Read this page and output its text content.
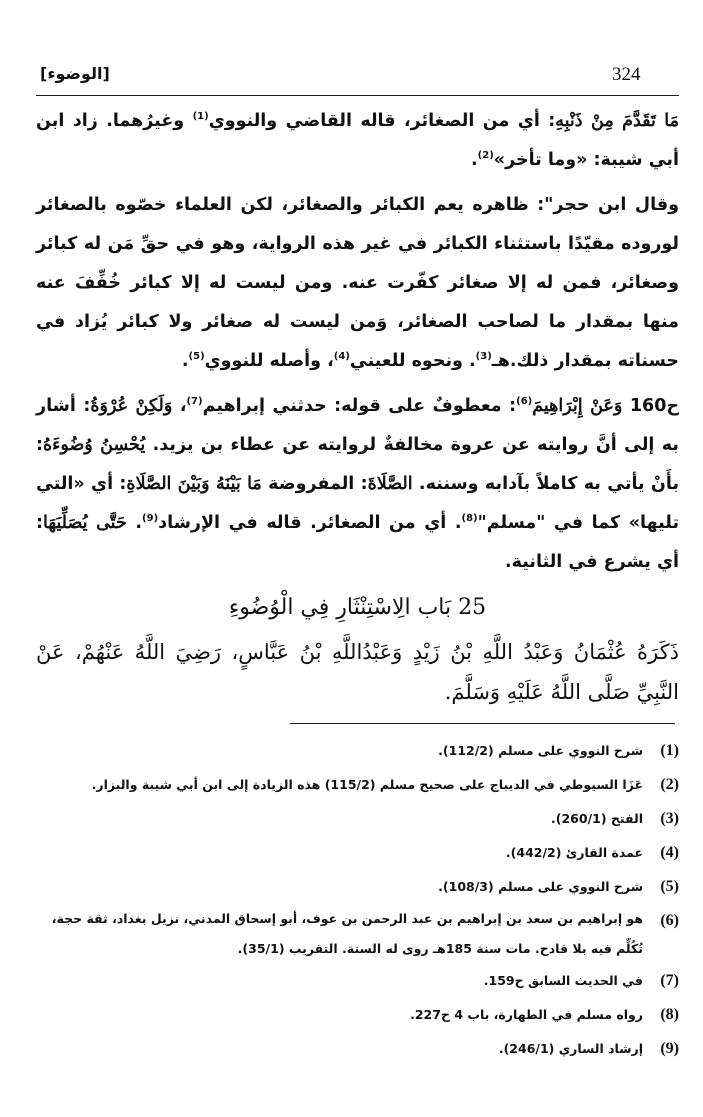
324
[الوضوء]

مَا تَقَدَّمَ مِنْ ذَنْبِهِ: أي من الصغائر، قاله القاضي والنووي$^{(1)}$ وغيرُهما. زاد ابن أبي شيبة: «وما تأخر»$^{(2)}$.

وقال ابن حجر": ظاهره يعم الكبائر والصغائر، لكن العلماء خصّوه بالصغائر لوروده مقيّدًا باستثناء الكبائر في غير هذه الرواية، وهو في حقِّ مَن له كبائر وصغائر، فمن له إلا صغائر كفّرت عنه. ومن ليست له إلا كبائر خُفِّفَ عنه منها بمقدار ما لصاحب الصغائر، وَمن ليست له صغائر ولا كبائر يُزاد في حسناته بمقدار ذلك.هـ$^{(3)}$. ونحوه للعيني$^{(4)}$، وأصله للنووي$^{(5)}$.

ح160 وَعَنْ إِبْرَاهِيمَ$^{(6)}$: معطوفٌ على قوله: حدثني إبراهيم$^{(7)}$، وَلَكِنْ عُرْوَةُ: أشار به إلى أنَّ روايته عن عروة مخالفةٌ لروايته عن عطاء بن يزيد. يُحْسِنُ وُضُوءَهُ: بأَنْ يأتي به كاملاً بآدابه وسننه. الصَّلَاةَ: المفروضة مَا بَيْنَهُ وَبَيْنَ الصَّلَاةِ: أي «التي تليها» كما في "مسلم"$^{(8)}$. أي من الصغائر. قاله في الإرشاد$^{(9)}$. حَتَّى يُصَلِّيَهَا: أي يشرع في الثانية.

25 بَاب الِاسْتِنْثَارِ فِي الْوُضُوءِ
ذَكَرَهُ عُثْمَانُ وَعَبْدُ اللَّهِ بْنُ زَيْدٍ وَعَبْدُاللَّهِ بْنُ عَبَّاسٍ، رَضِيَ اللَّهُ عَنْهُمْ، عَنْ النَّبِيِّ صَلَّى اللَّهُ عَلَيْهِ وَسَلَّمَ.
(1)
شرح النووي على مسلم (112/2).
(2)
عَزَا السيوطي في الديباج على صحيح مسلم (115/2) هذه الزيادة إلى ابن أبي شيبة والبزار.
(3)
الفتح (260/1).
(4)
عمدة القارئ (442/2).
(5)
شرح النووي على مسلم (108/3).
(6)
هو إبراهيم بن سعد بن إبراهيم بن عبد الرحمن بن عوف، أبو إسحاق المدني، نزيل بغداد، ثقة حجة، تُكُلِّم فيه بلا قادح. مات سنة 185هـ روى له الستة. التقريب (35/1).
(7)
في الحديث السابق ح159.
(8)
رواه مسلم في الطهارة، باب 4 ح227.
(9)
إرشاد الساري (246/1).
